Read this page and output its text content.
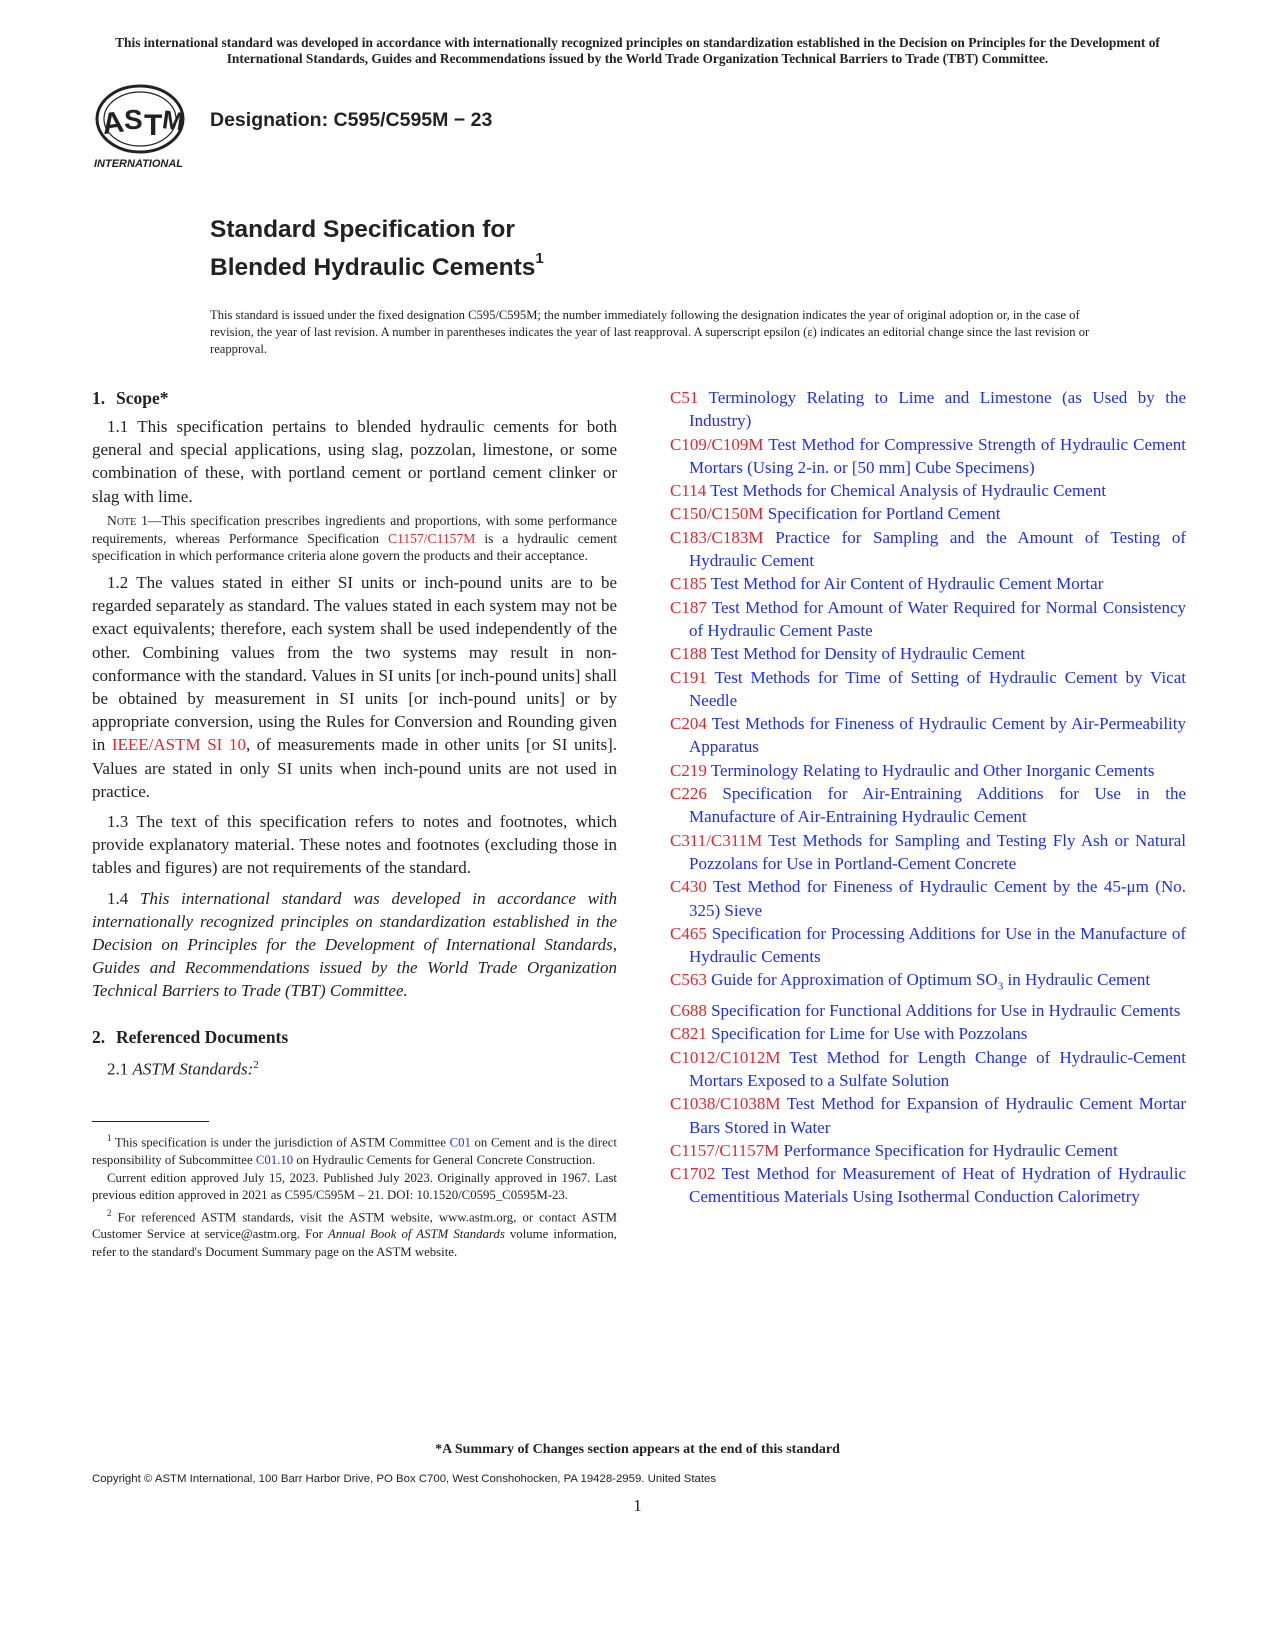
This international standard was developed in accordance with internationally recognized principles on standardization established in the Decision on Principles for the Development of International Standards, Guides and Recommendations issued by the World Trade Organization Technical Barriers to Trade (TBT) Committee.
A
S T
M
INTERNATIONAL
Designation: C595/C595M − 23
Standard Specification for
Blended Hydraulic Cements$^1$
This standard is issued under the fixed designation C595/C595M; the number immediately following the designation indicates the year of original adoption or, in the case of revision, the year of last revision. A number in parentheses indicates the year of last reapproval. A superscript epsilon (ε) indicates an editorial change since the last revision or reapproval.
1. Scope*
1.1 This specification pertains to blended hydraulic cements for both general and special applications, using slag, pozzolan, limestone, or some combination of these, with portland cement or portland cement clinker or slag with lime.
Note 1—This specification prescribes ingredients and proportions, with some performance requirements, whereas Performance Specification C1157/C1157M is a hydraulic cement specification in which performance criteria alone govern the products and their acceptance.
1.2 The values stated in either SI units or inch-pound units are to be regarded separately as standard. The values stated in each system may not be exact equivalents; therefore, each system shall be used independently of the other. Combining values from the two systems may result in non-conformance with the standard. Values in SI units [or inch-pound units] shall be obtained by measurement in SI units [or inch-pound units] or by appropriate conversion, using the Rules for Conversion and Rounding given in IEEE/ASTM SI 10, of measurements made in other units [or SI units]. Values are stated in only SI units when inch-pound units are not used in practice.
1.3 The text of this specification refers to notes and footnotes, which provide explanatory material. These notes and footnotes (excluding those in tables and figures) are not requirements of the standard.
1.4 This international standard was developed in accordance with internationally recognized principles on standardization established in the Decision on Principles for the Development of International Standards, Guides and Recommendations issued by the World Trade Organization Technical Barriers to Trade (TBT) Committee.
2. Referenced Documents
2.1 ASTM Standards:$^2$
$^1$ This specification is under the jurisdiction of ASTM Committee C01 on Cement and is the direct responsibility of Subcommittee C01.10 on Hydraulic Cements for General Concrete Construction.
Current edition approved July 15, 2023. Published July 2023. Originally approved in 1967. Last previous edition approved in 2021 as C595/C595M – 21. DOI: 10.1520/C0595_C0595M-23.
$^2$ For referenced ASTM standards, visit the ASTM website, www.astm.org, or contact ASTM Customer Service at service@astm.org. For Annual Book of ASTM Standards volume information, refer to the standard's Document Summary page on the ASTM website.
C51 Terminology Relating to Lime and Limestone (as Used by the Industry)
C109/C109M Test Method for Compressive Strength of Hydraulic Cement Mortars (Using 2-in. or [50 mm] Cube Specimens)
C114 Test Methods for Chemical Analysis of Hydraulic Cement
C150/C150M Specification for Portland Cement
C183/C183M Practice for Sampling and the Amount of Testing of Hydraulic Cement
C185 Test Method for Air Content of Hydraulic Cement Mortar
C187 Test Method for Amount of Water Required for Normal Consistency of Hydraulic Cement Paste
C188 Test Method for Density of Hydraulic Cement
C191 Test Methods for Time of Setting of Hydraulic Cement by Vicat Needle
C204 Test Methods for Fineness of Hydraulic Cement by Air-Permeability Apparatus
C219 Terminology Relating to Hydraulic and Other Inorganic Cements
C226 Specification for Air-Entraining Additions for Use in the Manufacture of Air-Entraining Hydraulic Cement
C311/C311M Test Methods for Sampling and Testing Fly Ash or Natural Pozzolans for Use in Portland-Cement Concrete
C430 Test Method for Fineness of Hydraulic Cement by the 45-μm (No. 325) Sieve
C465 Specification for Processing Additions for Use in the Manufacture of Hydraulic Cements
C563 Guide for Approximation of Optimum $SO_3$ in Hydraulic Cement
C688 Specification for Functional Additions for Use in Hydraulic Cements
C821 Specification for Lime for Use with Pozzolans
C1012/C1012M Test Method for Length Change of Hydraulic-Cement Mortars Exposed to a Sulfate Solution
C1038/C1038M Test Method for Expansion of Hydraulic Cement Mortar Bars Stored in Water
C1157/C1157M Performance Specification for Hydraulic Cement
C1702 Test Method for Measurement of Heat of Hydration of Hydraulic Cementitious Materials Using Isothermal Conduction Calorimetry
*A Summary of Changes section appears at the end of this standard
Copyright © ASTM International, 100 Barr Harbor Drive, PO Box C700, West Conshohocken, PA 19428-2959. United States
1
